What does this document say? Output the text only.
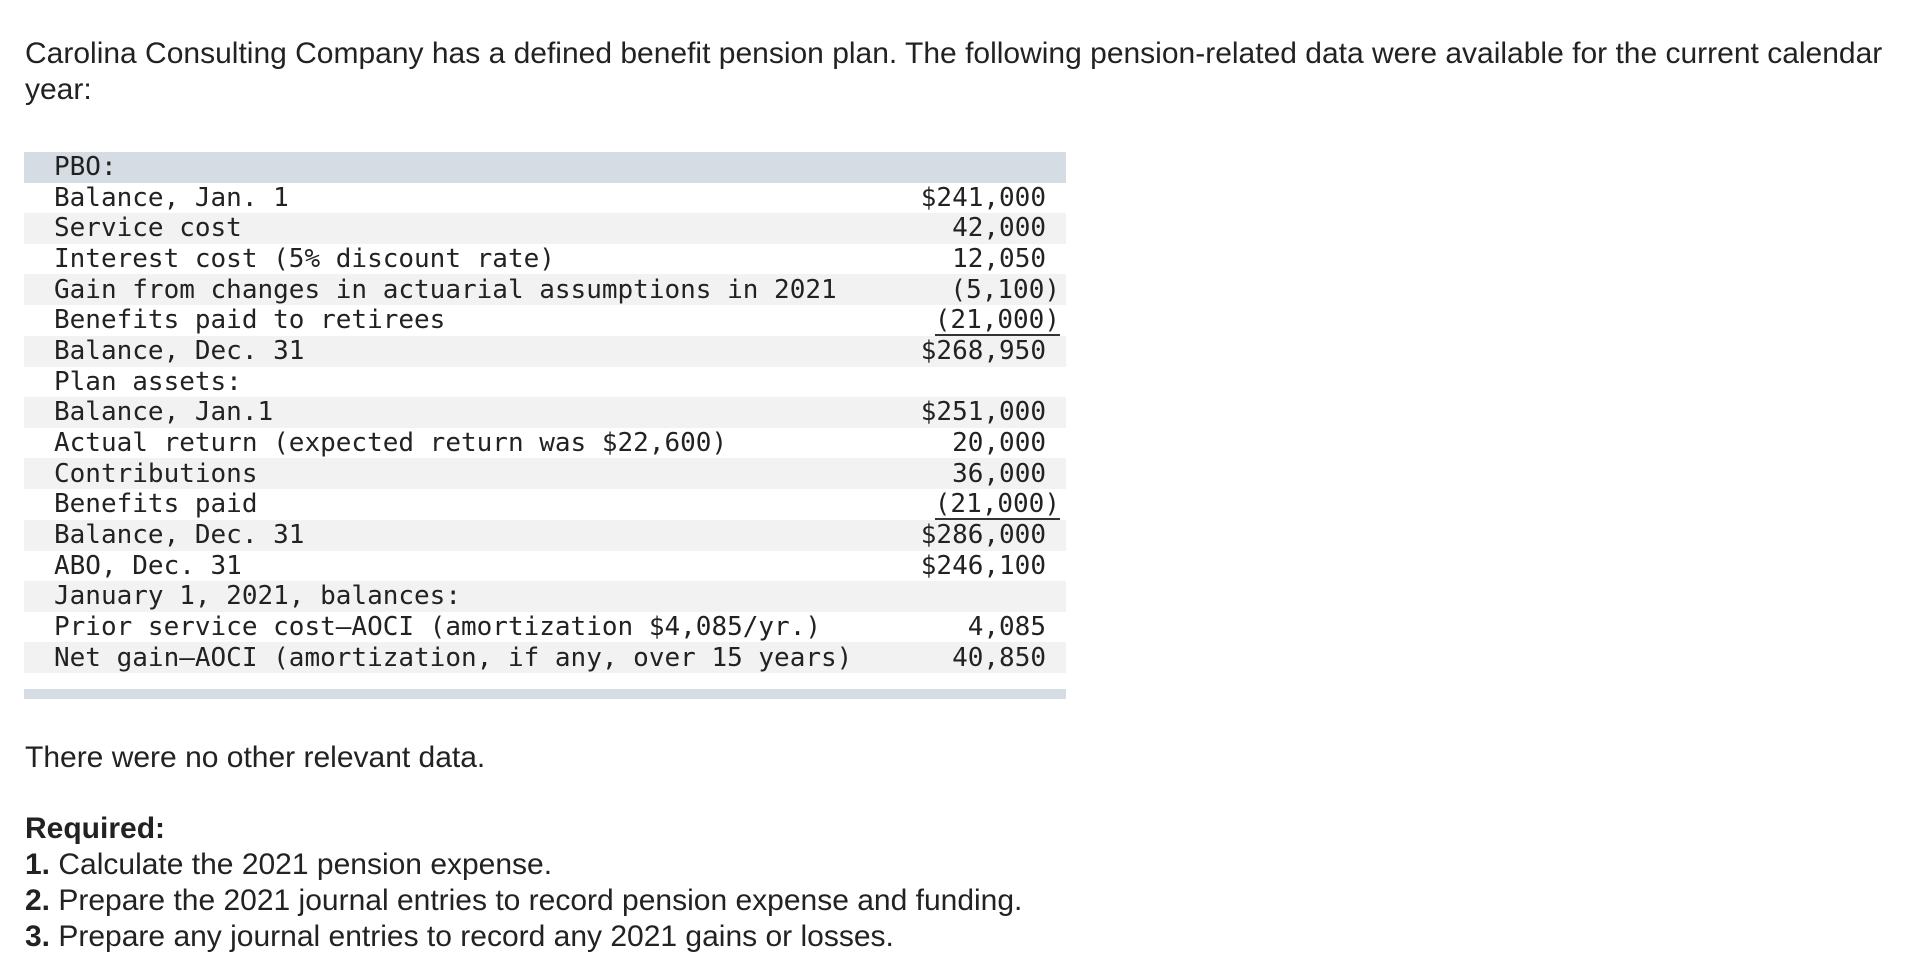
Carolina Consulting Company has a defined benefit pension plan. The following pension-related data were available for the current calendar year:

PBO:	
Balance, Jan. 1	$241,000
Service cost	42,000
Interest cost (5% discount rate)	12,050
Gain from changes in actuarial assumptions in 2021	(5,100)
Benefits paid to retirees	(21,000)
Balance, Dec. 31	$268,950
Plan assets:	
Balance, Jan.1	$251,000
Actual return (expected return was $22,600)	20,000
Contributions	36,000
Benefits paid	(21,000)
Balance, Dec. 31	$286,000
ABO, Dec. 31	$246,100
January 1, 2021, balances:	
Prior service cost—AOCI (amortization $4,085/yr.)	4,085
Net gain—AOCI (amortization, if any, over 15 years)	40,850

There were no other relevant data.

Required:
1. Calculate the 2021 pension expense.
2. Prepare the 2021 journal entries to record pension expense and funding.
3. Prepare any journal entries to record any 2021 gains or losses.
